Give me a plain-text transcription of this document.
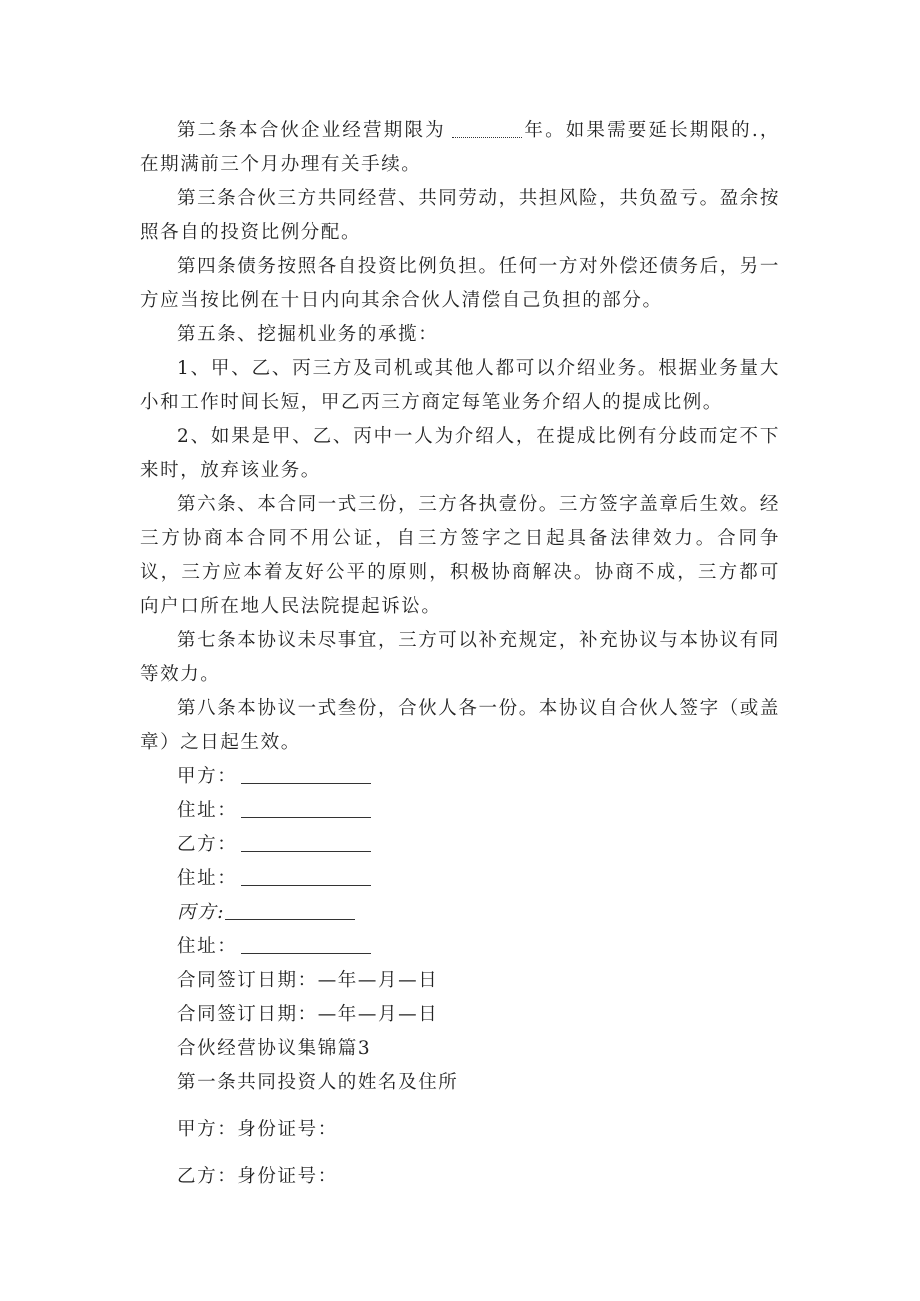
第二条本合伙企业经营期限为	年。如果需要延长期限的.，在期满前三个月办理有关手续。

第三条合伙三方共同经营、共同劳动，共担风险，共负盈亏。盈余按照各自的投资比例分配。

第四条债务按照各自投资比例负担。任何一方对外偿还债务后，另一方应当按比例在十日内向其余合伙人清偿自己负担的部分。

第五条、挖掘机业务的承揽：

1、甲、乙、丙三方及司机或其他人都可以介绍业务。根据业务量大小和工作时间长短，甲乙丙三方商定每笔业务介绍人的提成比例。

2、如果是甲、乙、丙中一人为介绍人，在提成比例有分歧而定不下来时，放弃该业务。

第六条、本合同一式三份，三方各执壹份。三方签字盖章后生效。经三方协商本合同不用公证，自三方签字之日起具备法律效力。合同争议，三方应本着友好公平的原则，积极协商解决。协商不成，三方都可向户口所在地人民法院提起诉讼。

第七条本协议未尽事宜，三方可以补充规定，补充协议与本协议有同等效力。

第八条本协议一式叁份，合伙人各一份。本协议自合伙人签字（或盖章）之日起生效。

甲方：

住址：

乙方：

住址：

丙方:

住址：

合同签订日期：—年—月—日

合同签订日期：—年—月—日

合伙经营协议集锦篇3

第一条共同投资人的姓名及住所

甲方：身份证号：

乙方：身份证号：
